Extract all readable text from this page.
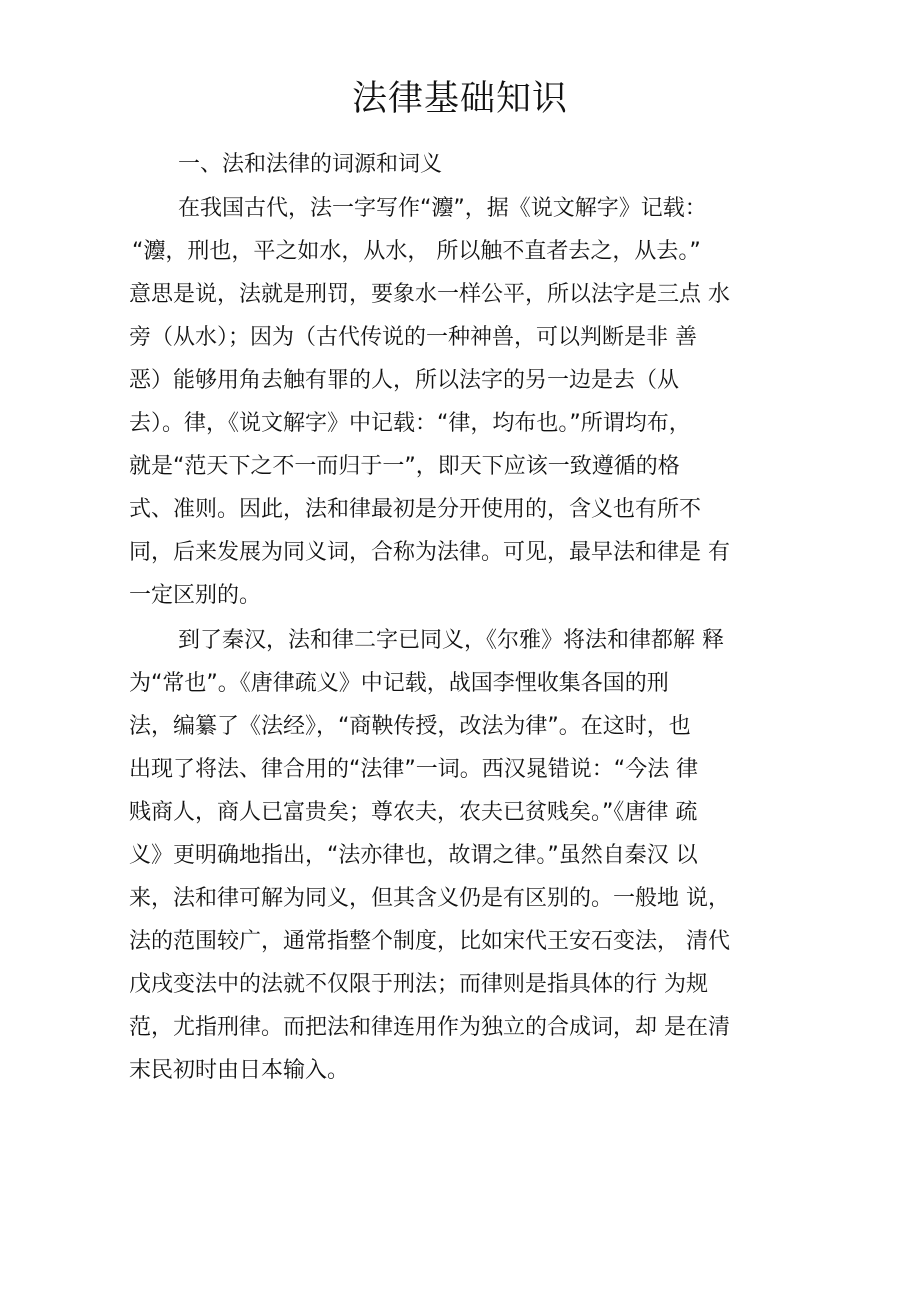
法律基础知识

一、法和法律的词源和词义

在我国古代，法一字写作“灋”，据《说文解字》记载：

“灋，刑也，平之如水，从水， 所以触不直者去之，从去。”

意思是说，法就是刑罚，要象水一样公平，所以法字是三点 水

旁（从水）；因为（古代传说的一种神兽，可以判断是非 善

恶）能够用角去触有罪的人，所以法字的另一边是去（从

去）。律，《说文解字》中记载：“律，均布也。”所谓均布，

就是“范天下之不一而归于一”，即天下应该一致遵循的格

式、准则。因此，法和律最初是分开使用的，含义也有所不

同，后来发展为同义词，合称为法律。可见，最早法和律是 有

一定区别的。

到了秦汉，法和律二字已同义，《尔雅》将法和律都解 释

为“常也”。《唐律疏义》中记载，战国李悝收集各国的刑

法，编纂了《法经》，“商鞅传授，改法为律”。在这时，也

出现了将法、律合用的“法律”一词。西汉晁错说：“今法 律

贱商人，商人已富贵矣；尊农夫，农夫已贫贱矣。”《唐律 疏

义》更明确地指出，“法亦律也，故谓之律。”虽然自秦汉 以

来，法和律可解为同义，但其含义仍是有区别的。一般地 说，

法的范围较广，通常指整个制度，比如宋代王安石变法， 清代

戊戌变法中的法就不仅限于刑法；而律则是指具体的行 为规

范，尤指刑律。而把法和律连用作为独立的合成词，却 是在清

末民初时由日本输入。
